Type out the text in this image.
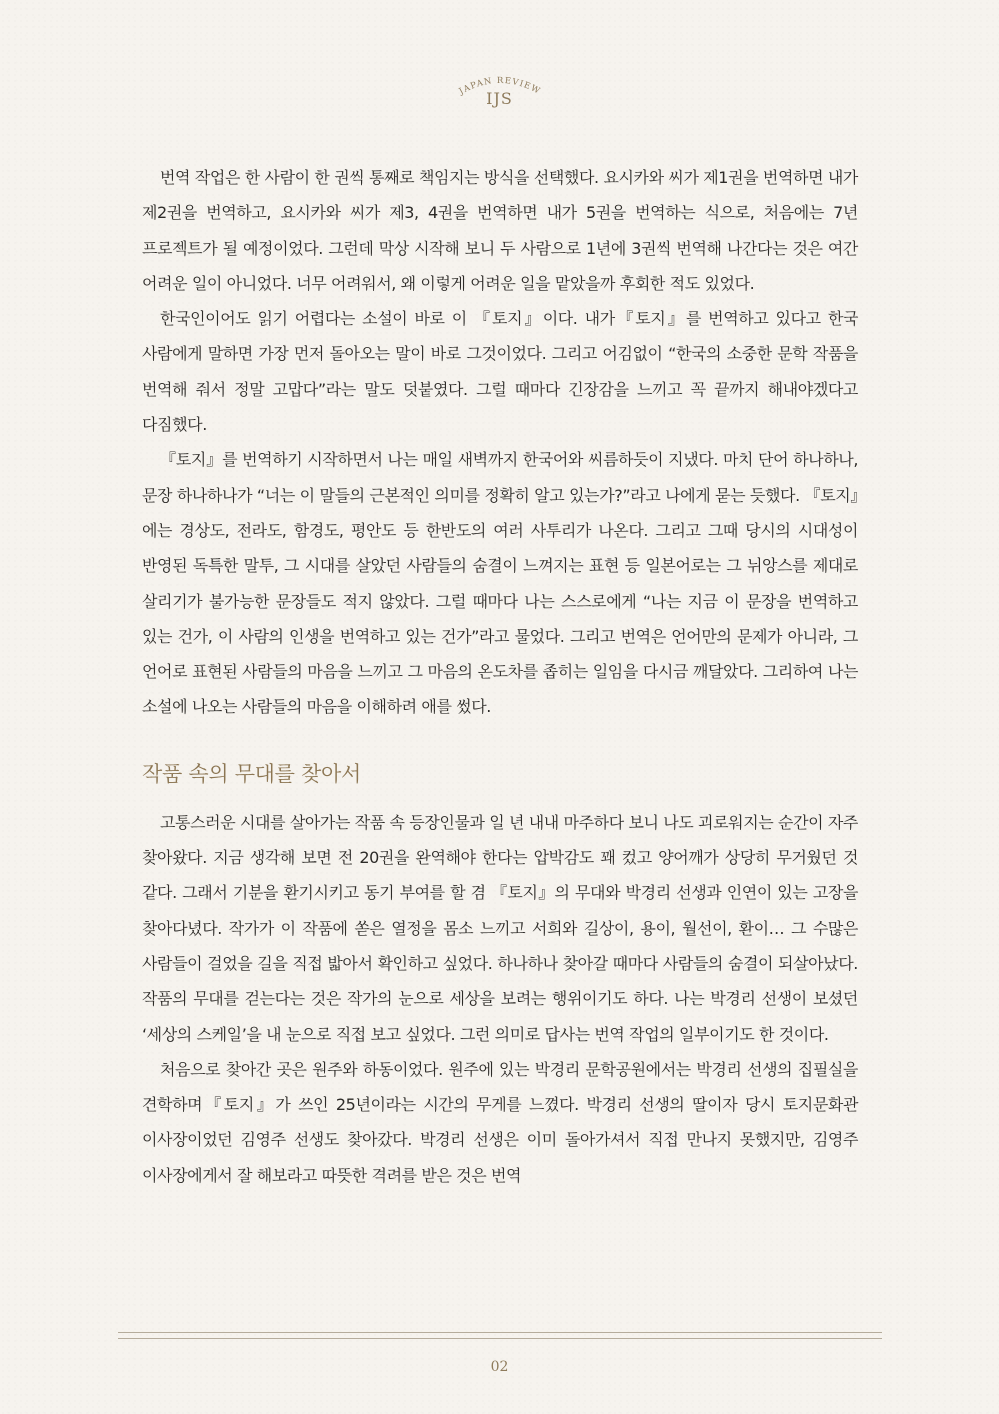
JAPAN REVIEW
IJS

번역 작업은 한 사람이 한 권씩 통째로 책임지는 방식을 선택했다. 요시카와 씨가 제1권을 번역하면 내가 제2권을 번역하고, 요시카와 씨가 제3, 4권을 번역하면 내가 5권을 번역하는 식으로, 처음에는 7년 프로젝트가 될 예정이었다. 그런데 막상 시작해 보니 두 사람으로 1년에 3권씩 번역해 나간다는 것은 여간 어려운 일이 아니었다. 너무 어려워서, 왜 이렇게 어려운 일을 맡았을까 후회한 적도 있었다.

한국인이어도 읽기 어렵다는 소설이 바로 이 『토지』이다. 내가『토지』를 번역하고 있다고 한국 사람에게 말하면 가장 먼저 돌아오는 말이 바로 그것이었다. 그리고 어김없이 “한국의 소중한 문학 작품을 번역해 줘서 정말 고맙다”라는 말도 덧붙였다. 그럴 때마다 긴장감을 느끼고 꼭 끝까지 해내야겠다고 다짐했다.

『토지』를 번역하기 시작하면서 나는 매일 새벽까지 한국어와 씨름하듯이 지냈다. 마치 단어 하나하나, 문장 하나하나가 “너는 이 말들의 근본적인 의미를 정확히 알고 있는가?”라고 나에게 묻는 듯했다. 『토지』에는 경상도, 전라도, 함경도, 평안도 등 한반도의 여러 사투리가 나온다. 그리고 그때 당시의 시대성이 반영된 독특한 말투, 그 시대를 살았던 사람들의 숨결이 느껴지는 표현 등 일본어로는 그 뉘앙스를 제대로 살리기가 불가능한 문장들도 적지 않았다. 그럴 때마다 나는 스스로에게 “나는 지금 이 문장을 번역하고 있는 건가, 이 사람의 인생을 번역하고 있는 건가”라고 물었다. 그리고 번역은 언어만의 문제가 아니라, 그 언어로 표현된 사람들의 마음을 느끼고 그 마음의 온도차를 좁히는 일임을 다시금 깨달았다. 그리하여 나는 소설에 나오는 사람들의 마음을 이해하려 애를 썼다.

작품 속의 무대를 찾아서

고통스러운 시대를 살아가는 작품 속 등장인물과 일 년 내내 마주하다 보니 나도 괴로워지는 순간이 자주 찾아왔다. 지금 생각해 보면 전 20권을 완역해야 한다는 압박감도 꽤 컸고 양어깨가 상당히 무거웠던 것 같다. 그래서 기분을 환기시키고 동기 부여를 할 겸 『토지』의 무대와 박경리 선생과 인연이 있는 고장을 찾아다녔다. 작가가 이 작품에 쏟은 열정을 몸소 느끼고 서희와 길상이, 용이, 월선이, 환이… 그 수많은 사람들이 걸었을 길을 직접 밟아서 확인하고 싶었다. 하나하나 찾아갈 때마다 사람들의 숨결이 되살아났다. 작품의 무대를 걷는다는 것은 작가의 눈으로 세상을 보려는 행위이기도 하다. 나는 박경리 선생이 보셨던 ‘세상의 스케일’을 내 눈으로 직접 보고 싶었다. 그런 의미로 답사는 번역 작업의 일부이기도 한 것이다.

처음으로 찾아간 곳은 원주와 하동이었다. 원주에 있는 박경리 문학공원에서는 박경리 선생의 집필실을 견학하며『토지』가 쓰인 25년이라는 시간의 무게를 느꼈다. 박경리 선생의 딸이자 당시 토지문화관 이사장이었던 김영주 선생도 찾아갔다. 박경리 선생은 이미 돌아가셔서 직접 만나지 못했지만, 김영주 이사장에게서 잘 해보라고 따뜻한 격려를 받은 것은 번역

02
